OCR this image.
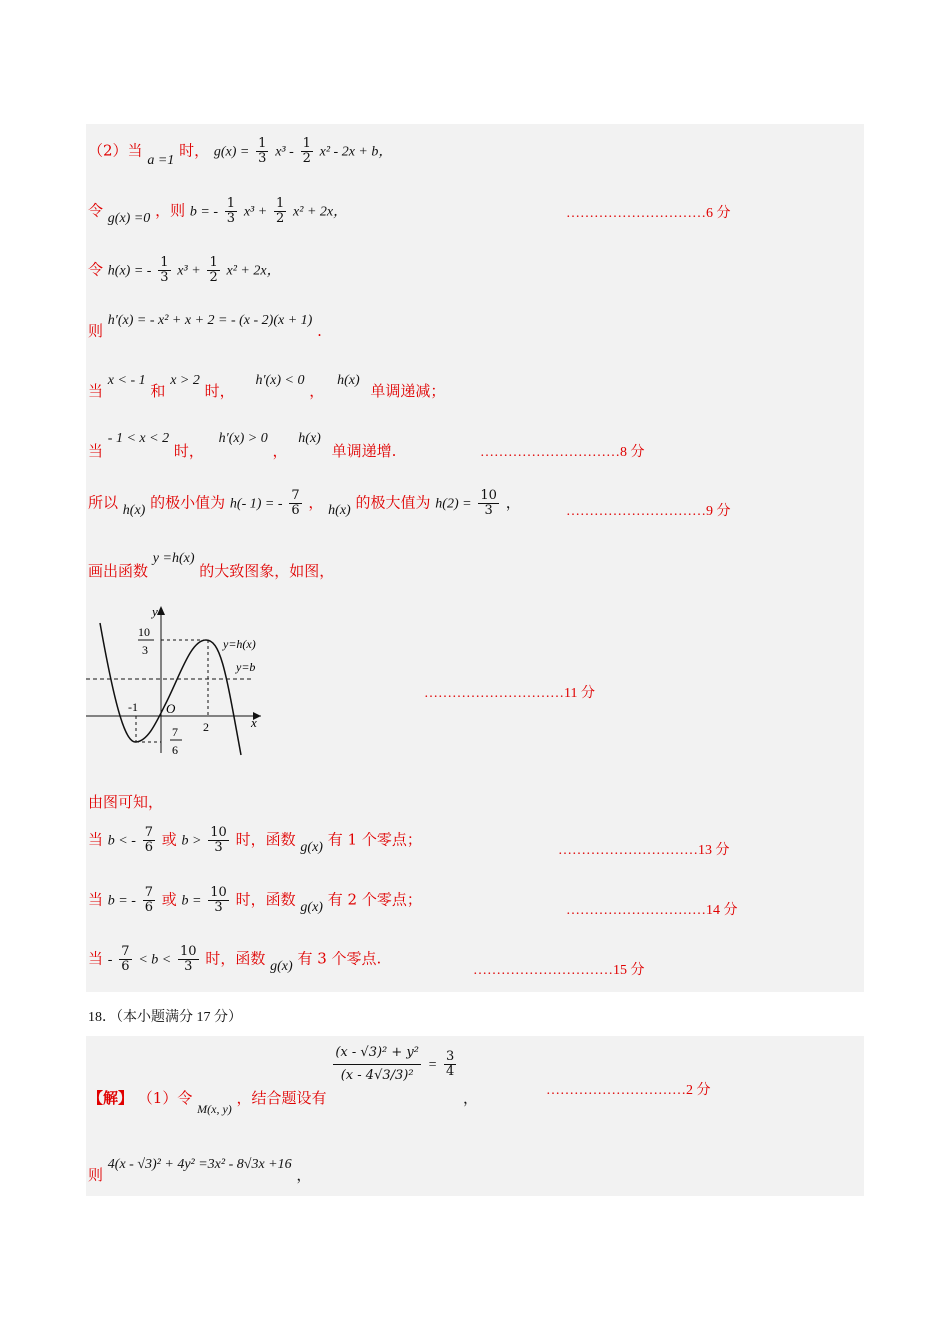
（2）当 a =1 时， $g(x) = \frac{1}{3} x^3 - \frac{1}{2} x^2 - 2x + b$，
令 g(x) =0 ，则 b = - $\frac{1}{3} x^3 + \frac{1}{2} x^2 + 2x$，	…………………………6 分
令 h(x) = - $\frac{1}{3} x^3 + \frac{1}{2} x^2 + 2x$，
则 h′(x) = - x² + x + 2 = - (x - 2)(x + 1) .
当 x < - 1 和 x > 2 时， h′(x) < 0 ， h(x) 单调递减；
当 - 1 < x < 2 时， h′(x) > 0 ， h(x) 单调递增.	…………………………8 分
所以 h(x) 的极小值为 h(- 1) = - $\frac{7}{6}$ ， h(x) 的极大值为 $h(2) = \frac{10}{3}$ ，	…………………………9 分
画出函数 y =h(x) 的大致图象，如图，
y
x
O
10
3
-1
2
7
6
y=h(x)
y=b
…………………………11 分
由图可知，
当 b < - $\frac{7}{6}$ 或 $b > \frac{10}{3}$ 时，函数 g(x) 有 1 个零点；
…………………………13 分
当 b = - $\frac{7}{6}$ 或 $b = \frac{10}{3}$ 时，函数 g(x) 有 2 个零点；
…………………………14 分
当 - $\frac{7}{6} < b < \frac{10}{3}$ 时，函数 g(x) 有 3 个零点.
…………………………15 分
18．（本小题满分 17 分）
【解】 （1）令 $_{M(x, y)}$ ，结合题设有
$\frac{\text{(x - √3)² + y²}}{\text{(x - 4√3/3)²}} = \frac{3}{4}$
，	…………………………2 分
则 4(x - √3)² + 4y² =3x² - 8√3x +16 ，
